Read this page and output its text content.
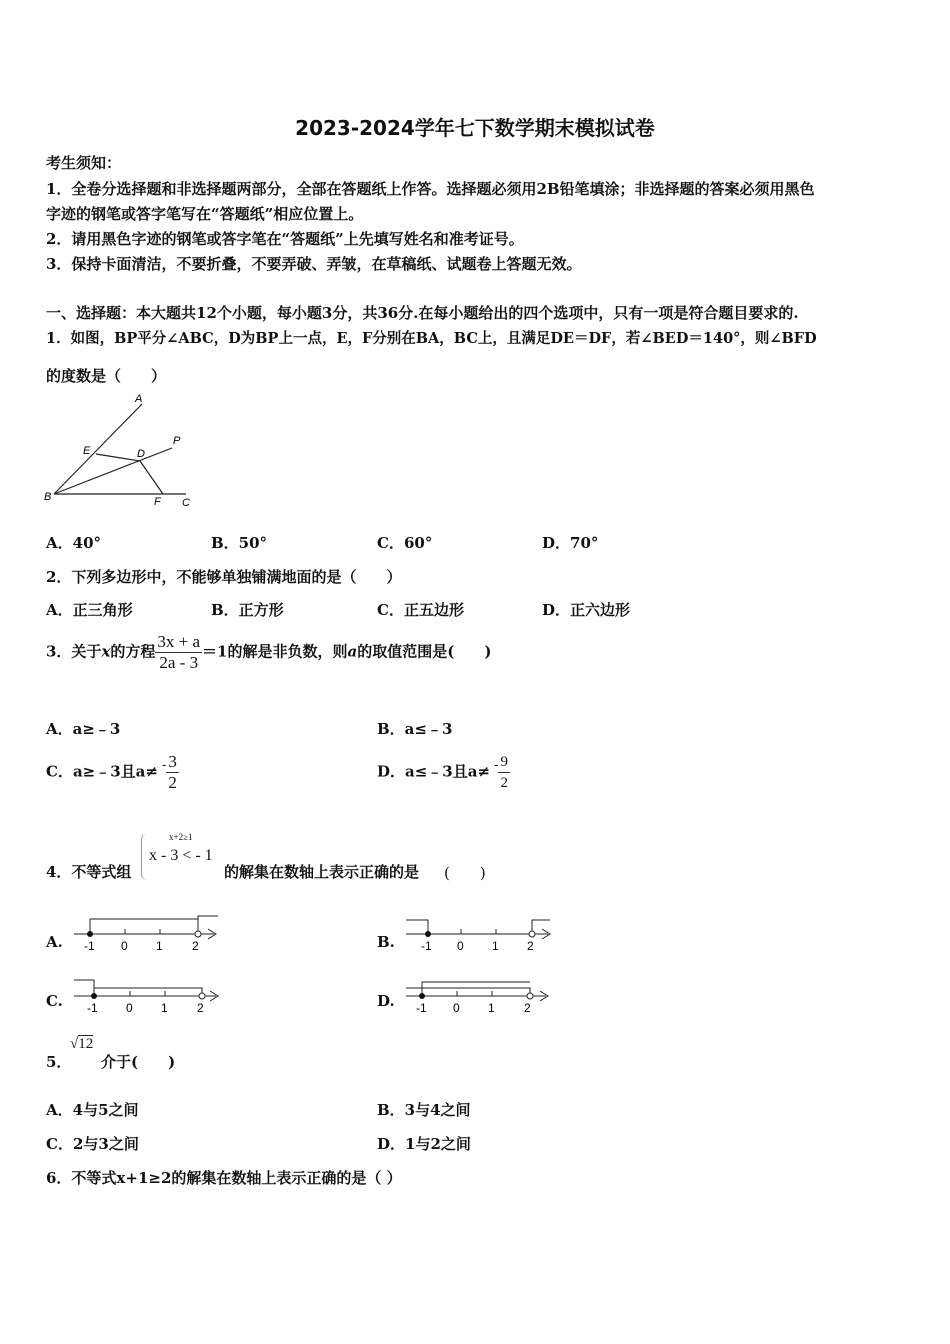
2023-2024学年七下数学期末模拟试卷
考生须知：
1．全卷分选择题和非选择题两部分，全部在答题纸上作答。选择题必须用2B铅笔填涂；非选择题的答案必须用黑色
字迹的钢笔或答字笔写在“答题纸”相应位置上。
2．请用黑色字迹的钢笔或答字笔在“答题纸”上先填写姓名和准考证号。
3．保持卡面清洁，不要折叠，不要弄破、弄皱，在草稿纸、试题卷上答题无效。
一、选择题：本大题共12个小题，每小题3分，共36分.在每小题给出的四个选项中，只有一项是符合题目要求的.
1．如图，BP平分∠ABC，D为BP上一点，E，F分别在BA，BC上，且满足DE＝DF，若∠BED＝140°，则∠BFD
的度数是（　　）
A
P
E	D
B	F C
A．40°	B．50°	C．60°	D．70°
2．下列多边形中，不能够单独铺满地面的是（　　）
A．正三角形	B．正方形	C．正五边形	D．正六边形
3．关于x的方程 $\frac{3x + a}{2a - 3} =1$的解是非负数，则a的取值范围是(　　)
A．a≥﹣3	B．a≤﹣3
C．a≥﹣3且$a\ne - \frac{3}{2}$	D．a≤﹣3且$a\ne - \frac{9}{2}$
4．不等式组
x+2≥1
x - 3 < - 1
的解集在数轴上表示正确的是 (　　)
A. -1 0 1 2	B. -1 0 1 2
C. -1 0 1 2	D. -1 0 1 2
5．
√12
介于(　　)
A．4与5之间	B．3与4之间
C．2与3之间	D．1与2之间
6．不等式x+1≥2的解集在数轴上表示正确的是（ ）
